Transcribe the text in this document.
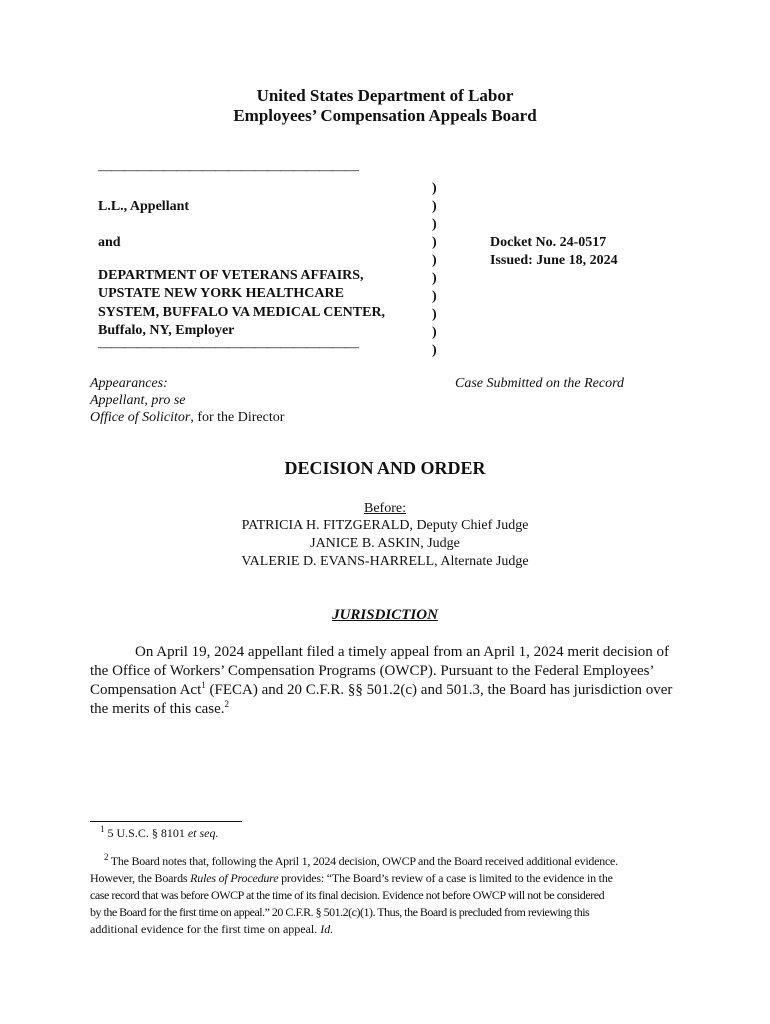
United States Department of Labor
Employees’ Compensation Appeals Board
————————————————————
L.L., Appellant
and
DEPARTMENT OF VETERANS AFFAIRS,
UPSTATE NEW YORK HEALTHCARE
SYSTEM, BUFFALO VA MEDICAL CENTER,
Buffalo, NY, Employer
————————————————————
)
)
)
)
)
)
)
)
)
)
Docket No. 24-0517
Issued: June 18, 2024
Appearances:
Appellant, pro se
Office of Solicitor, for the Director
Case Submitted on the Record
DECISION AND ORDER
Before:
PATRICIA H. FITZGERALD, Deputy Chief Judge
JANICE B. ASKIN, Judge
VALERIE D. EVANS-HARRELL, Alternate Judge
JURISDICTION
On April 19, 2024 appellant filed a timely appeal from an April 1, 2024 merit decision of
the Office of Workers’ Compensation Programs (OWCP). Pursuant to the Federal Employees’
Compensation Act$^1$ (FECA) and 20 C.F.R. §§ 501.2(c) and 501.3, the Board has jurisdiction over
the merits of this case.$^2$
$^1$ 5 U.S.C. § 8101 et seq.
$^2$ The Board notes that, following the April 1, 2024 decision, OWCP and the Board received additional evidence.
However, the Boards Rules of Procedure provides: “The Board’s review of a case is limited to the evidence in the
case record that was before OWCP at the time of its final decision. Evidence not before OWCP will not be considered
by the Board for the first time on appeal.” 20 C.F.R. § 501.2(c)(1). Thus, the Board is precluded from reviewing this
additional evidence for the first time on appeal. Id.
